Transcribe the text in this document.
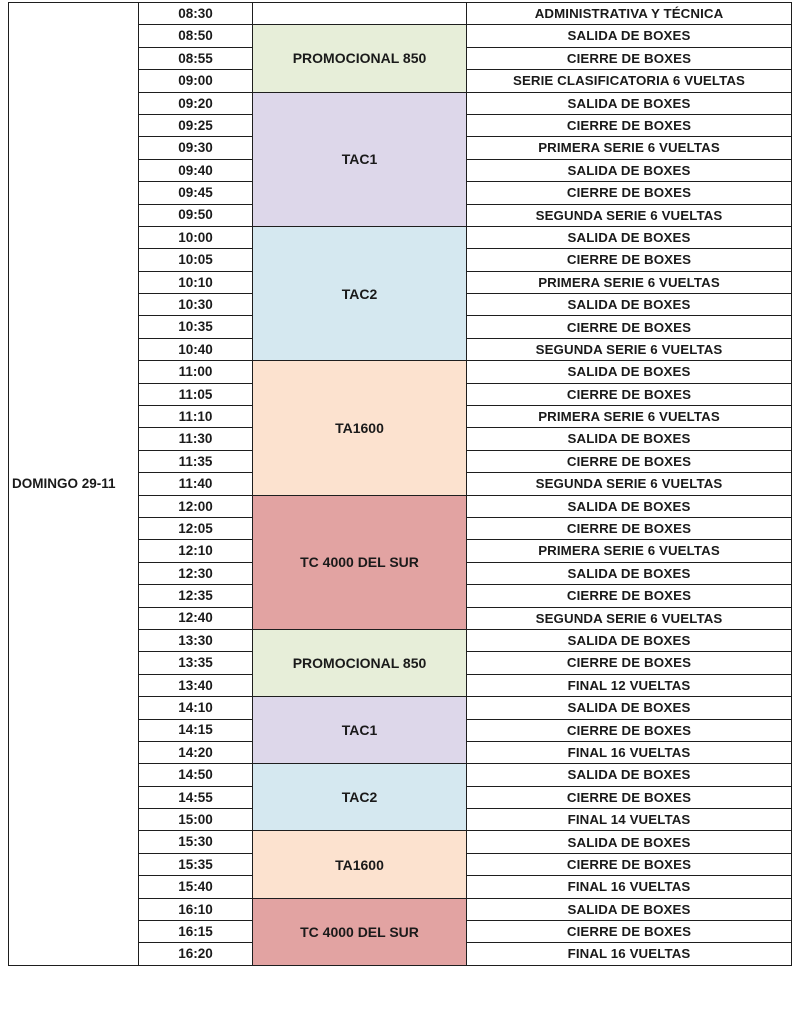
DOMINGO 29-11	08:30		ADMINISTRATIVA Y TÉCNICA
	08:50	PROMOCIONAL 850	SALIDA DE BOXES
	08:55		CIERRE DE BOXES
	09:00		SERIE CLASIFICATORIA 6 VUELTAS
	09:20	TAC1	SALIDA DE BOXES
	09:25		CIERRE DE BOXES
	09:30		PRIMERA SERIE 6 VUELTAS
	09:40		SALIDA DE BOXES
	09:45		CIERRE DE BOXES
	09:50		SEGUNDA SERIE 6 VUELTAS
	10:00	TAC2	SALIDA DE BOXES
	10:05		CIERRE DE BOXES
	10:10		PRIMERA SERIE 6 VUELTAS
	10:30		SALIDA DE BOXES
	10:35		CIERRE DE BOXES
	10:40		SEGUNDA SERIE 6 VUELTAS
	11:00	TA1600	SALIDA DE BOXES
	11:05		CIERRE DE BOXES
	11:10		PRIMERA SERIE 6 VUELTAS
	11:30		SALIDA DE BOXES
	11:35		CIERRE DE BOXES
	11:40		SEGUNDA SERIE 6 VUELTAS
	12:00	TC 4000 DEL SUR	SALIDA DE BOXES
	12:05		CIERRE DE BOXES
	12:10		PRIMERA SERIE 6 VUELTAS
	12:30		SALIDA DE BOXES
	12:35		CIERRE DE BOXES
	12:40		SEGUNDA SERIE 6 VUELTAS
	13:30	PROMOCIONAL 850	SALIDA DE BOXES
	13:35		CIERRE DE BOXES
	13:40		FINAL 12 VUELTAS
	14:10	TAC1	SALIDA DE BOXES
	14:15		CIERRE DE BOXES
	14:20		FINAL 16 VUELTAS
	14:50	TAC2	SALIDA DE BOXES
	14:55		CIERRE DE BOXES
	15:00		FINAL 14 VUELTAS
	15:30	TA1600	SALIDA DE BOXES
	15:35		CIERRE DE BOXES
	15:40		FINAL 16 VUELTAS
	16:10	TC 4000 DEL SUR	SALIDA DE BOXES
	16:15		CIERRE DE BOXES
	16:20		FINAL 16 VUELTAS
